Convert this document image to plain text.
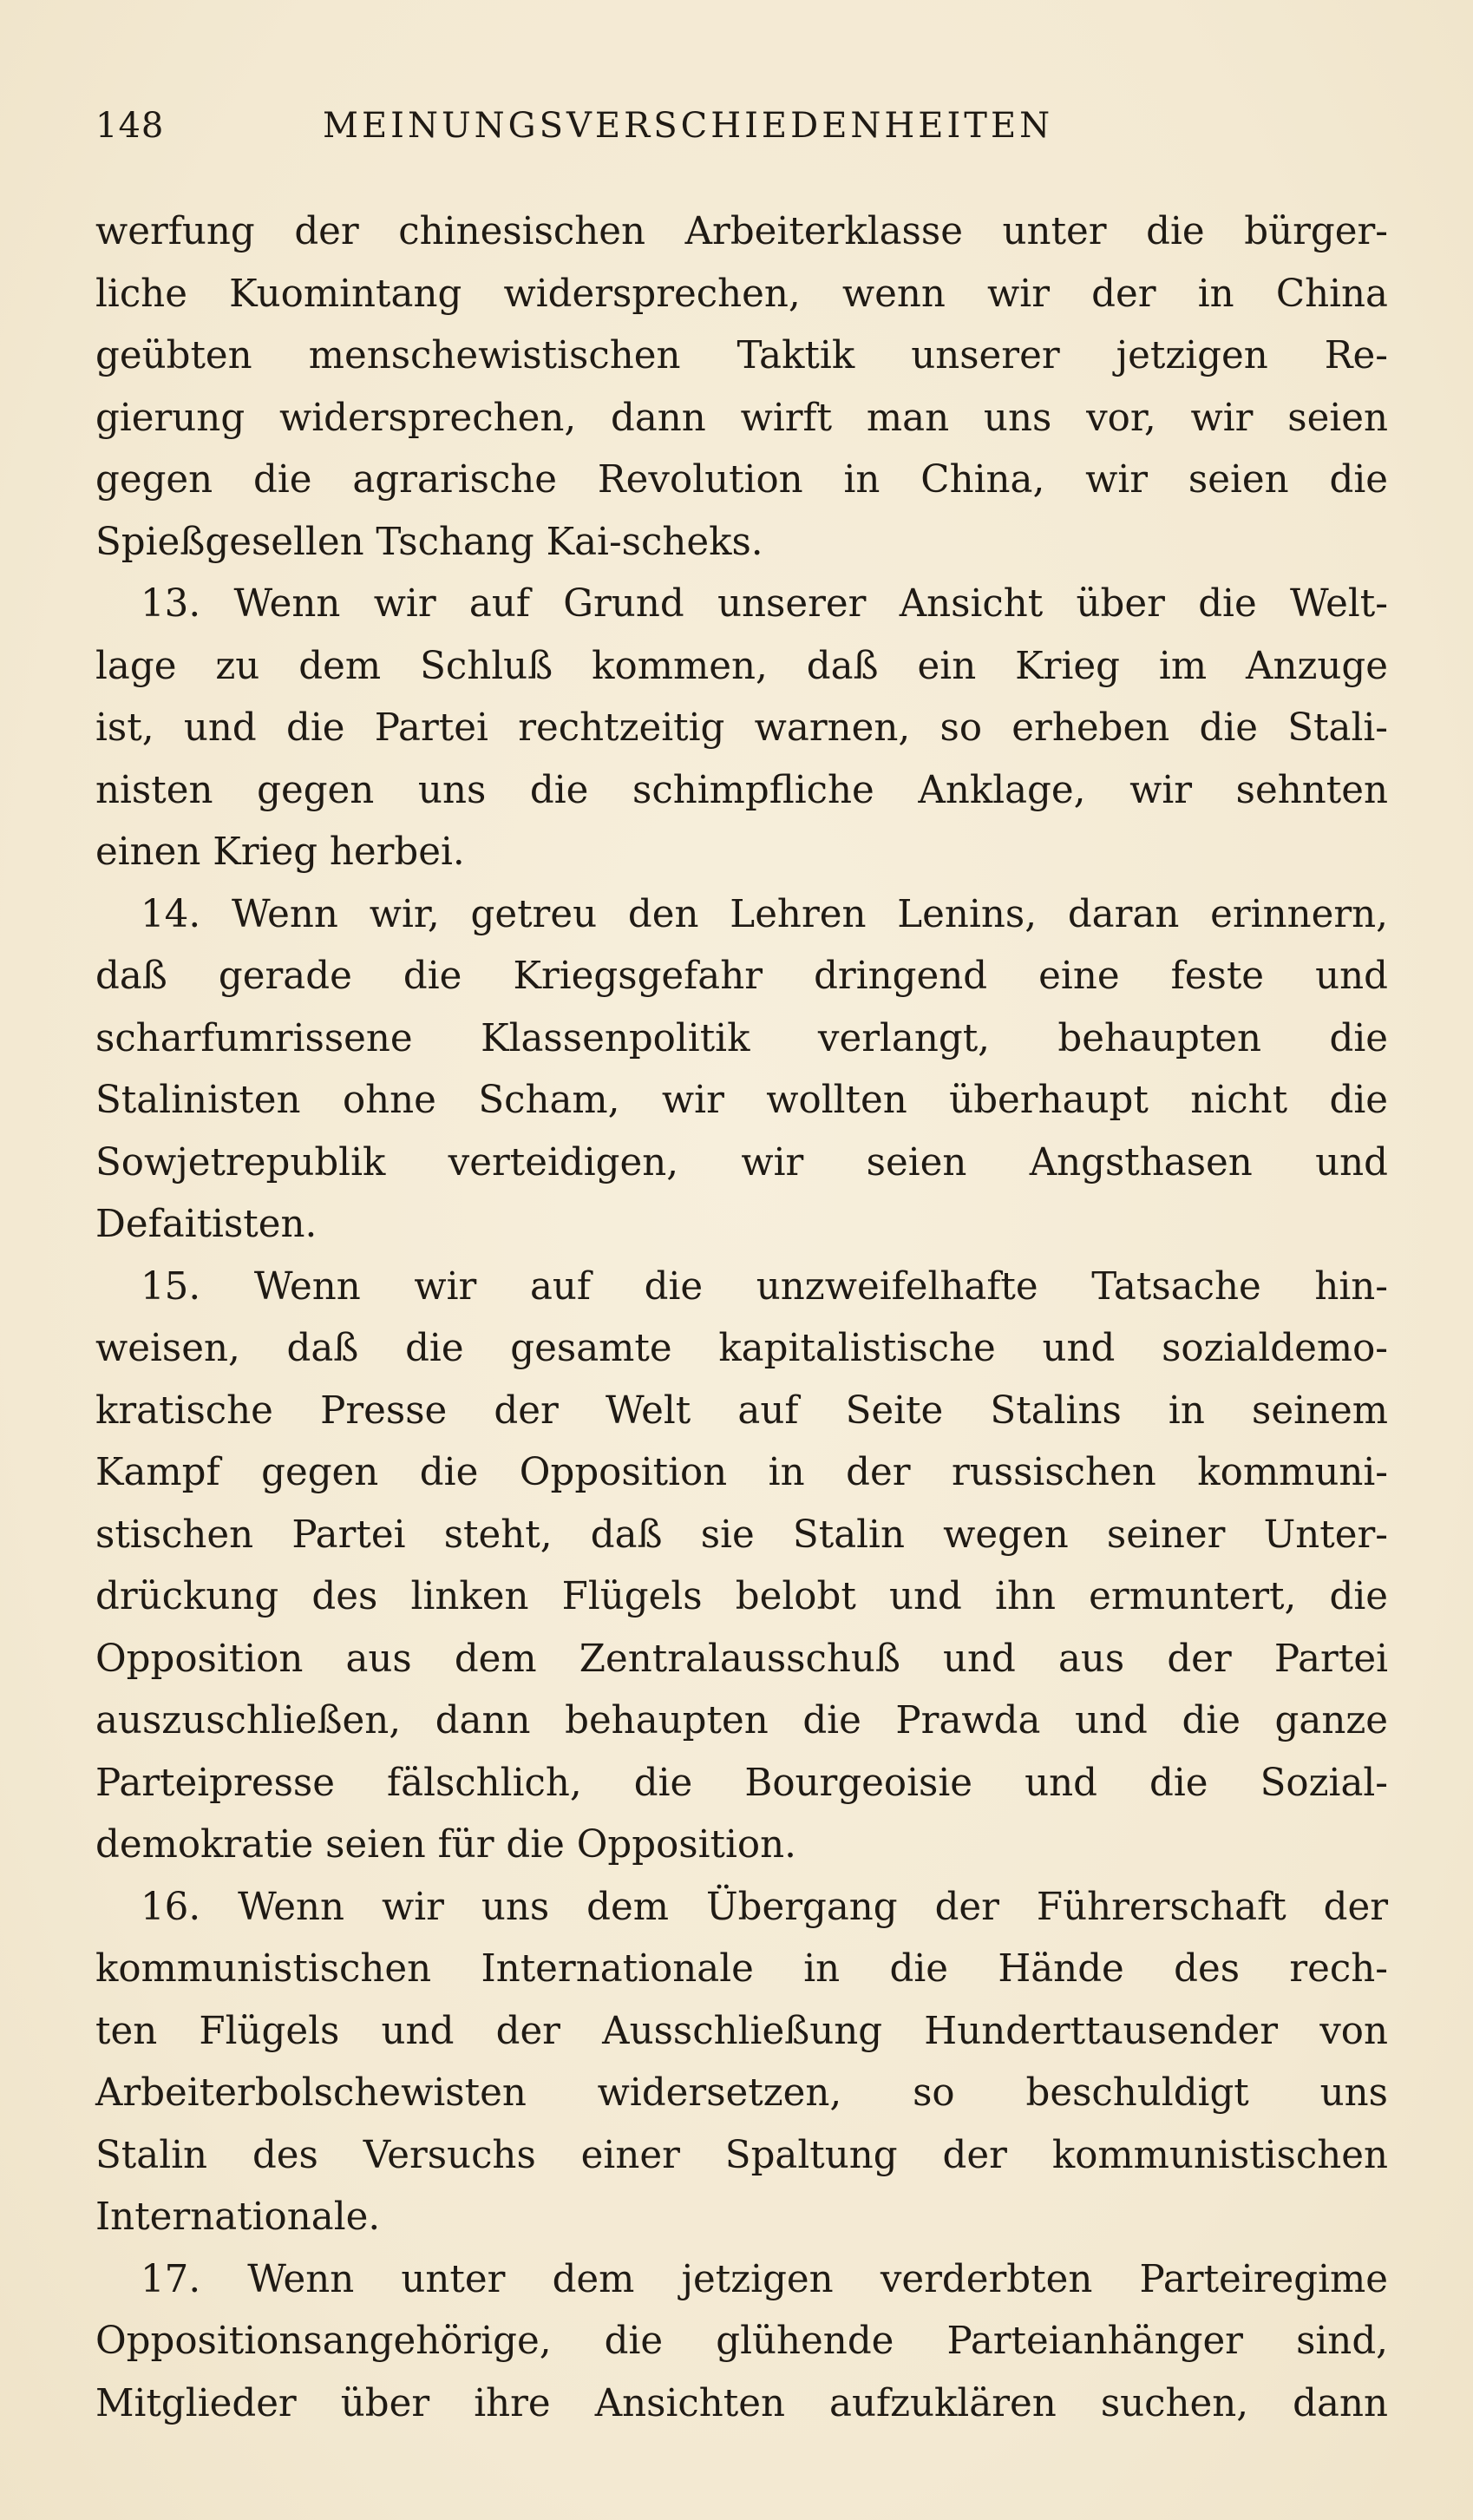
148	MEINUNGSVERSCHIEDENHEITEN
werfung der chinesischen Arbeiterklasse unter die bürger-
liche Kuomintang widersprechen, wenn wir der in China
geübten menschewistischen Taktik unserer jetzigen Re-
gierung widersprechen, dann wirft man uns vor, wir seien
gegen die agrarische Revolution in China, wir seien die
Spießgesellen Tschang Kai-scheks.
13. Wenn wir auf Grund unserer Ansicht über die Welt-
lage zu dem Schluß kommen, daß ein Krieg im Anzuge
ist, und die Partei rechtzeitig warnen, so erheben die Stali-
nisten gegen uns die schimpfliche Anklage, wir sehnten
einen Krieg herbei.
14. Wenn wir, getreu den Lehren Lenins, daran erinnern,
daß gerade die Kriegsgefahr dringend eine feste und
scharfumrissene Klassenpolitik verlangt, behaupten die
Stalinisten ohne Scham, wir wollten überhaupt nicht die
Sowjetrepublik verteidigen, wir seien Angsthasen und
Defaitisten.
15. Wenn wir auf die unzweifelhafte Tatsache hin-
weisen, daß die gesamte kapitalistische und sozialdemo-
kratische Presse der Welt auf Seite Stalins in seinem
Kampf gegen die Opposition in der russischen kommuni-
stischen Partei steht, daß sie Stalin wegen seiner Unter-
drückung des linken Flügels belobt und ihn ermuntert, die
Opposition aus dem Zentralausschuß und aus der Partei
auszuschließen, dann behaupten die Prawda und die ganze
Parteipresse fälschlich, die Bourgeoisie und die Sozial-
demokratie seien für die Opposition.
16. Wenn wir uns dem Übergang der Führerschaft der
kommunistischen Internationale in die Hände des rech-
ten Flügels und der Ausschließung Hunderttausender von
Arbeiterbolschewisten widersetzen, so beschuldigt uns
Stalin des Versuchs einer Spaltung der kommunistischen
Internationale.
17. Wenn unter dem jetzigen verderbten Parteiregime
Oppositionsangehörige, die glühende Parteianhänger sind,
Mitglieder über ihre Ansichten aufzuklären suchen, dann
